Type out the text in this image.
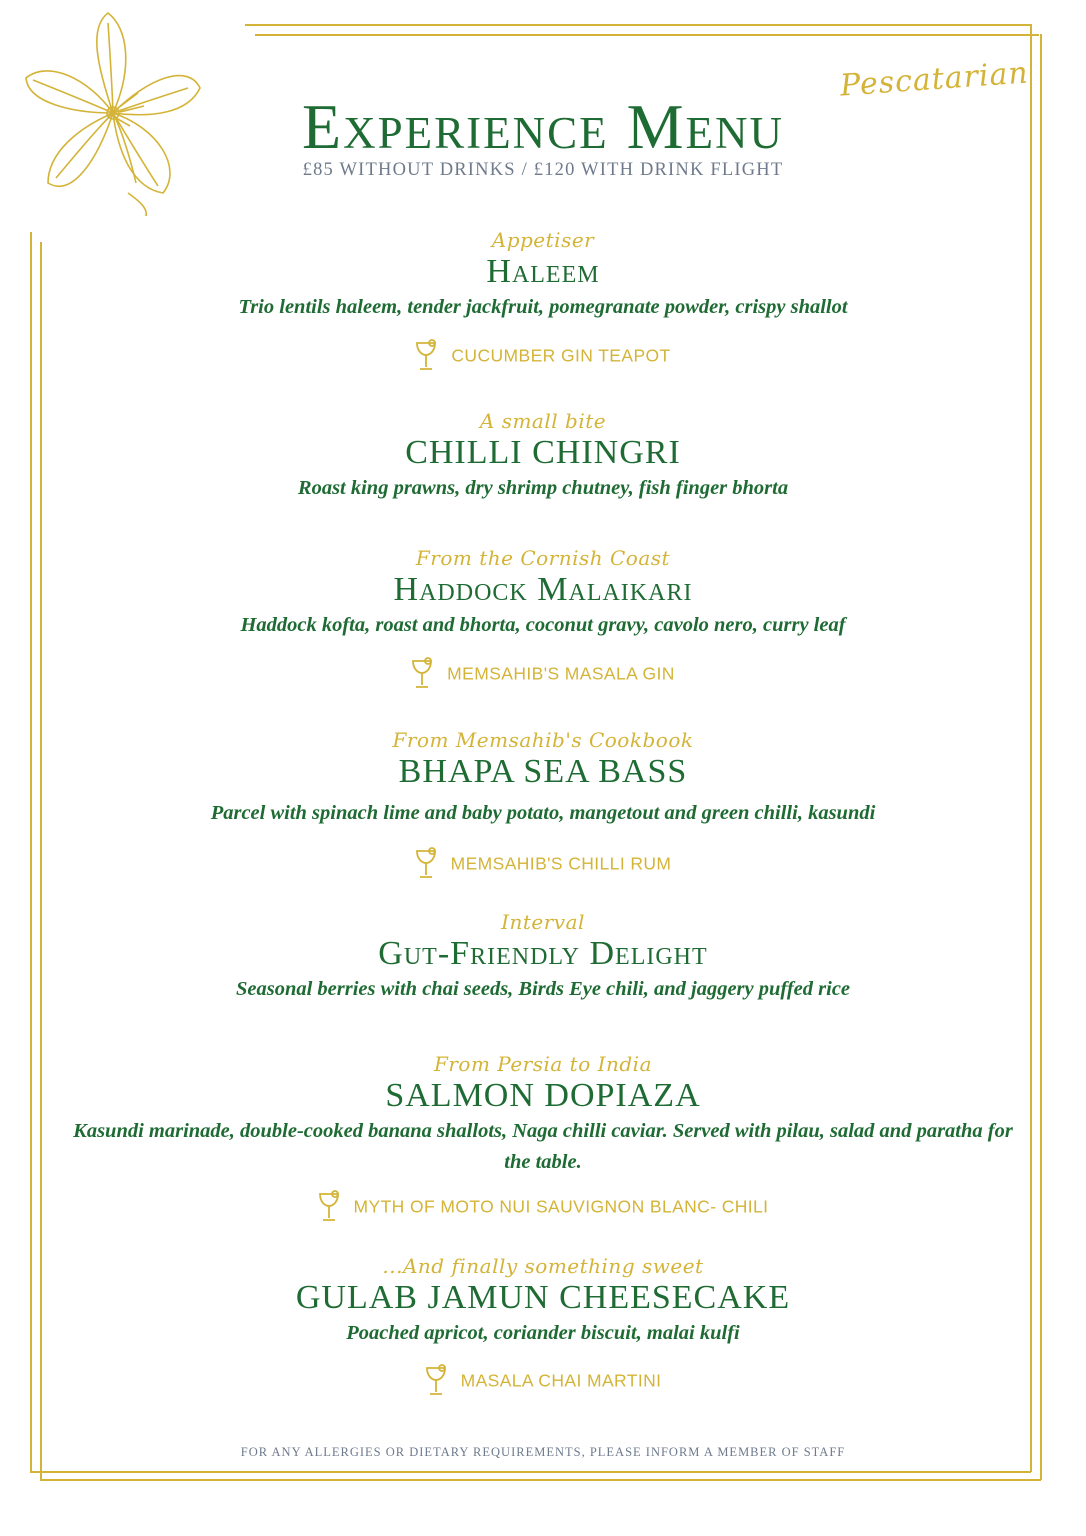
Pescatarian
Experience Menu
£85 WITHOUT DRINKS / £120 WITH DRINK FLIGHT
Appetiser
Haleem
Trio lentils haleem, tender jackfruit, pomegranate powder, crispy shallot
CUCUMBER GIN TEAPOT
A small bite
CHILLI CHINGRI
Roast king prawns, dry shrimp chutney, fish finger bhorta
From the Cornish Coast
Haddock Malaikari
Haddock kofta, roast and bhorta, coconut gravy, cavolo nero, curry leaf
MEMSAHIB'S MASALA GIN
From Memsahib's Cookbook
BHAPA SEA BASS
Parcel with spinach lime and baby potato, mangetout and green chilli, kasundi
MEMSAHIB'S CHILLI RUM
Interval
Gut-Friendly Delight
Seasonal berries with chai seeds, Birds Eye chili, and jaggery puffed rice
From Persia to India
SALMON DOPIAZA
Kasundi marinade, double-cooked banana shallots, Naga chilli caviar. Served with pilau, salad and paratha for the table.
MYTH OF MOTO NUI SAUVIGNON BLANC- CHILI
...And finally something sweet
GULAB JAMUN CHEESECAKE
Poached apricot, coriander biscuit, malai kulfi
MASALA CHAI MARTINI
FOR ANY ALLERGIES OR DIETARY REQUIREMENTS, PLEASE INFORM A MEMBER OF STAFF
